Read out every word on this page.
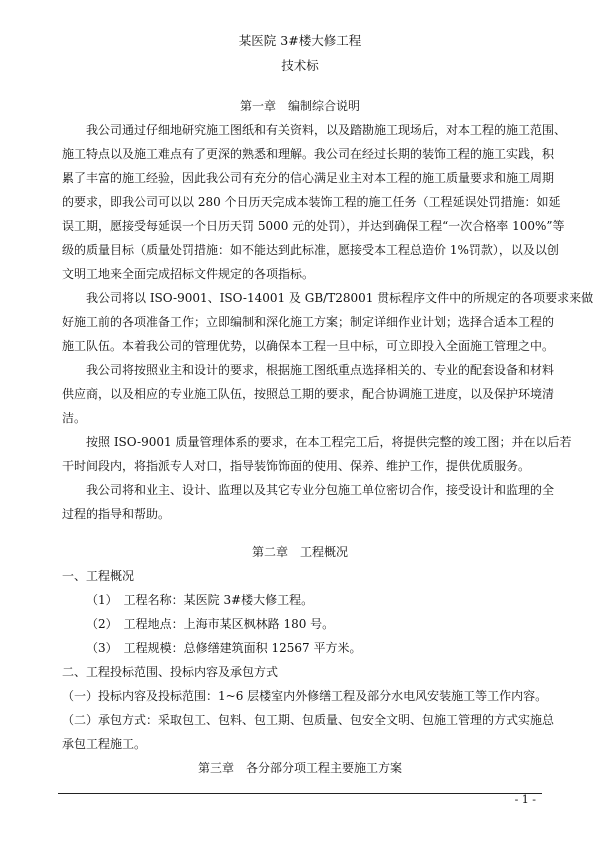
某医院 3#楼大修工程
技术标
第一章　编制综合说明
我公司通过仔细地研究施工图纸和有关资料，以及踏勘施工现场后，对本工程的施工范围、
施工特点以及施工难点有了更深的熟悉和理解。我公司在经过长期的装饰工程的施工实践，积
累了丰富的施工经验，因此我公司有充分的信心满足业主对本工程的施工质量要求和施工周期
的要求，即我公司可以以 280 个日历天完成本装饰工程的施工任务（工程延误处罚措施：如延
误工期，愿接受每延误一个日历天罚 5000 元的处罚），并达到确保工程“一次合格率 100%”等
级的质量目标（质量处罚措施：如不能达到此标准，愿接受本工程总造价 1%罚款），以及以创
文明工地来全面完成招标文件规定的各项指标。
我公司将以 ISO-9001、ISO-14001 及 GB/T28001 贯标程序文件中的所规定的各项要求来做
好施工前的各项准备工作；立即编制和深化施工方案；制定详细作业计划；选择合适本工程的
施工队伍。本着我公司的管理优势，以确保本工程一旦中标，可立即投入全面施工管理之中。
我公司将按照业主和设计的要求，根据施工图纸重点选择相关的、专业的配套设备和材料
供应商，以及相应的专业施工队伍，按照总工期的要求，配合协调施工进度，以及保护环境清
洁。
按照 ISO-9001 质量管理体系的要求，在本工程完工后，将提供完整的竣工图；并在以后若
干时间段内，将指派专人对口，指导装饰饰面的使用、保养、维护工作，提供优质服务。
我公司将和业主、设计、监理以及其它专业分包施工单位密切合作，接受设计和监理的全
过程的指导和帮助。
第二章　工程概况
一、工程概况
（1）　工程名称：某医院 3#楼大修工程。
（2）　工程地点：上海市某区枫林路 180 号。
（3）　工程规模：总修缮建筑面积 12567 平方米。
二、工程投标范围、投标内容及承包方式
（一）投标内容及投标范围：1~6 层楼室内外修缮工程及部分水电风安装施工等工作内容。
（二）承包方式：采取包工、包料、包工期、包质量、包安全文明、包施工管理的方式实施总
承包工程施工。
第三章　各分部分项工程主要施工方案
- 1 -
